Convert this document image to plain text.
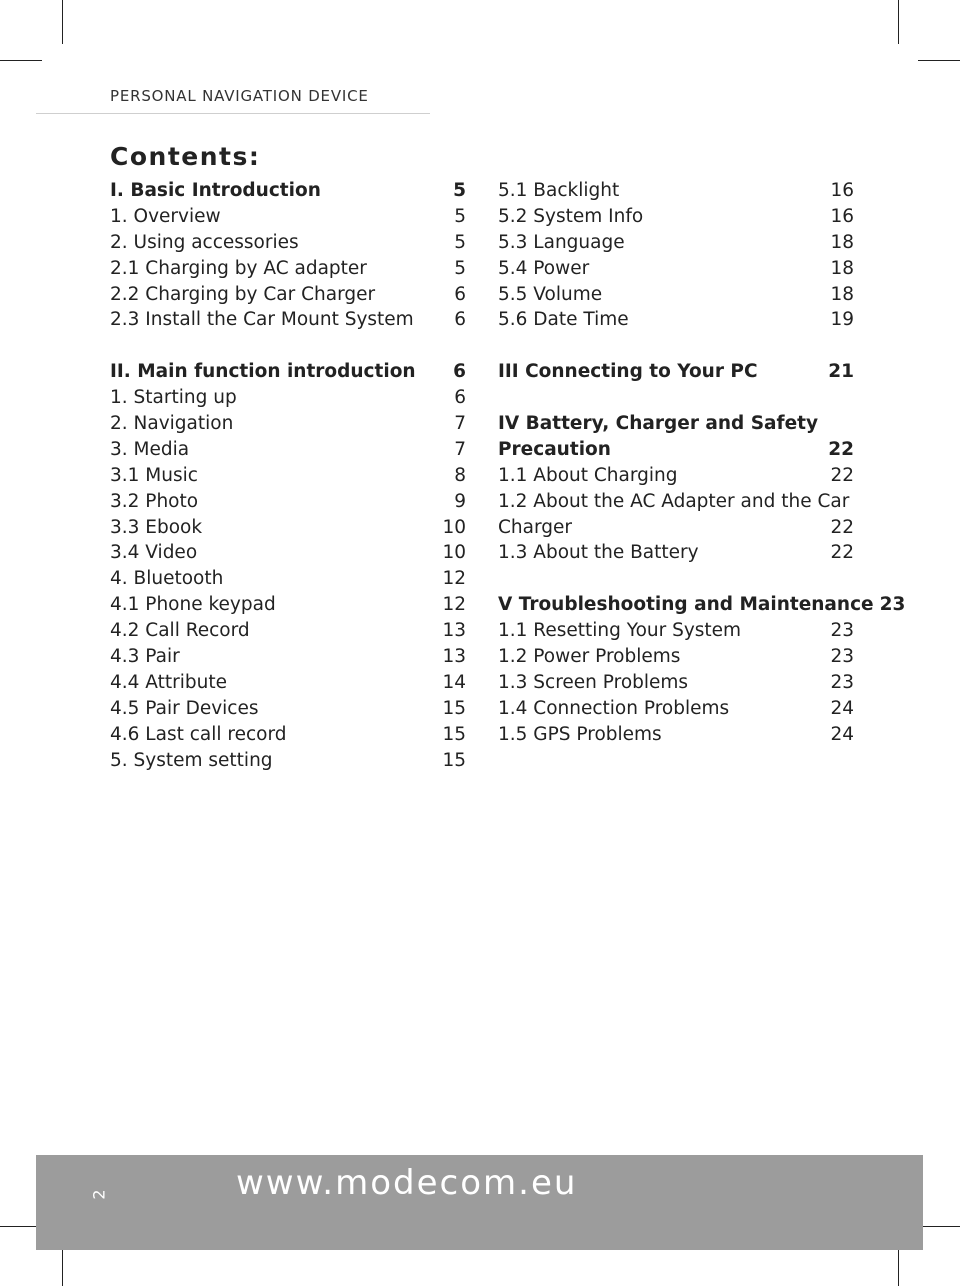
PERSONAL NAVIGATION DEVICE
Contents:
I. Basic Introduction	5
1. Overview	5
2. Using accessories	5
2.1 Charging by AC adapter	5
2.2 Charging by Car Charger	6
2.3 Install the Car Mount System	6
II. Main function introduction	6
1. Starting up	6
2. Navigation	7
3. Media	7
3.1 Music	8
3.2 Photo	9
3.3 Ebook	10
3.4 Video	10
4. Bluetooth	12
4.1 Phone keypad	12
4.2 Call Record	13
4.3 Pair	13
4.4 Attribute	14
4.5 Pair Devices	15
4.6 Last call record	15
5. System setting	15
5.1 Backlight	16
5.2 System Info	16
5.3 Language	18
5.4 Power	18
5.5 Volume	18
5.6 Date Time	19
III Connecting to Your PC	21
IV Battery, Charger and Safety
Precaution	22
1.1 About Charging	22
1.2 About the AC Adapter and the Car
Charger	22
1.3 About the Battery	22
V Troubleshooting and Maintenance 23
1.1 Resetting Your System	23
1.2 Power Problems	23
1.3 Screen Problems	23
1.4 Connection Problems	24
1.5 GPS Problems	24
2	www.modecom.eu
